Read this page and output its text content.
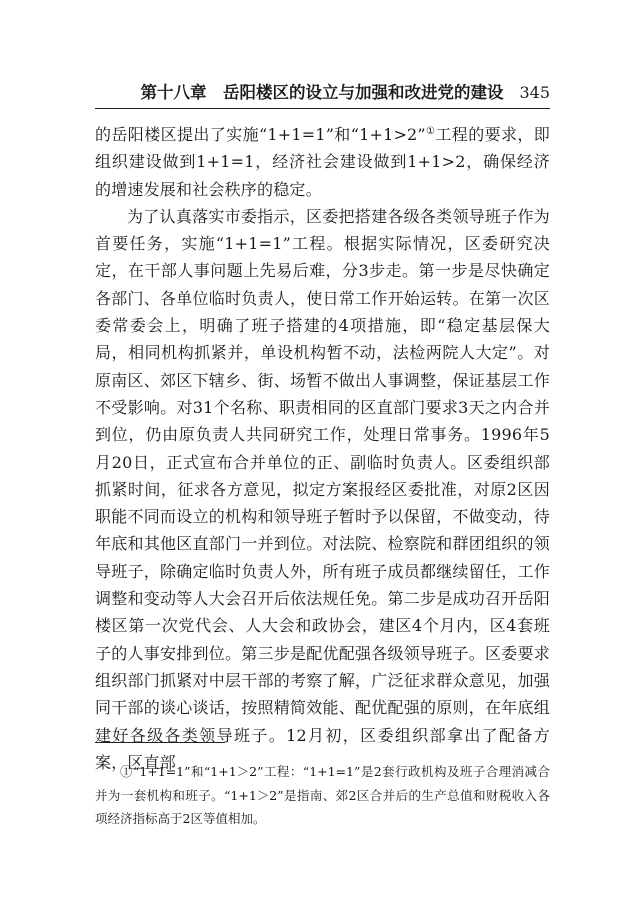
第十八章　岳阳楼区的设立与加强和改进党的建设 345

的岳阳楼区提出了实施“1+1=1”和“1+1>2”①工程的要求，即组织建设做到1+1=1，经济社会建设做到1+1>2，确保经济的增速发展和社会秩序的稳定。

为了认真落实市委指示，区委把搭建各级各类领导班子作为首要任务，实施“1+1=1”工程。根据实际情况，区委研究决定，在干部人事问题上先易后难，分3步走。第一步是尽快确定各部门、各单位临时负责人，使日常工作开始运转。在第一次区委常委会上，明确了班子搭建的4项措施，即“稳定基层保大局，相同机构抓紧并，单设机构暂不动，法检两院人大定”。对原南区、郊区下辖乡、街、场暂不做出人事调整，保证基层工作不受影响。对31个名称、职责相同的区直部门要求3天之内合并到位，仍由原负责人共同研究工作，处理日常事务。1996年5月20日，正式宣布合并单位的正、副临时负责人。区委组织部抓紧时间，征求各方意见，拟定方案报经区委批准，对原2区因职能不同而设立的机构和领导班子暂时予以保留，不做变动，待年底和其他区直部门一并到位。对法院、检察院和群团组织的领导班子，除确定临时负责人外，所有班子成员都继续留任，工作调整和变动等人大会召开后依法规任免。第二步是成功召开岳阳楼区第一次党代会、人大会和政协会，建区4个月内，区4套班子的人事安排到位。第三步是配优配强各级领导班子。区委要求组织部门抓紧对中层干部的考察了解，广泛征求群众意见，加强同干部的谈心谈话，按照精简效能、配优配强的原则，在年底组建好各级各类领导班子。12月初，区委组织部拿出了配备方案，区直部

①“1+1=1”和“1+1＞2”工程：“1+1=1”是2套行政机构及班子合理消减合并为一套机构和班子。“1+1＞2”是指南、郊2区合并后的生产总值和财税收入各项经济指标高于2区等值相加。
